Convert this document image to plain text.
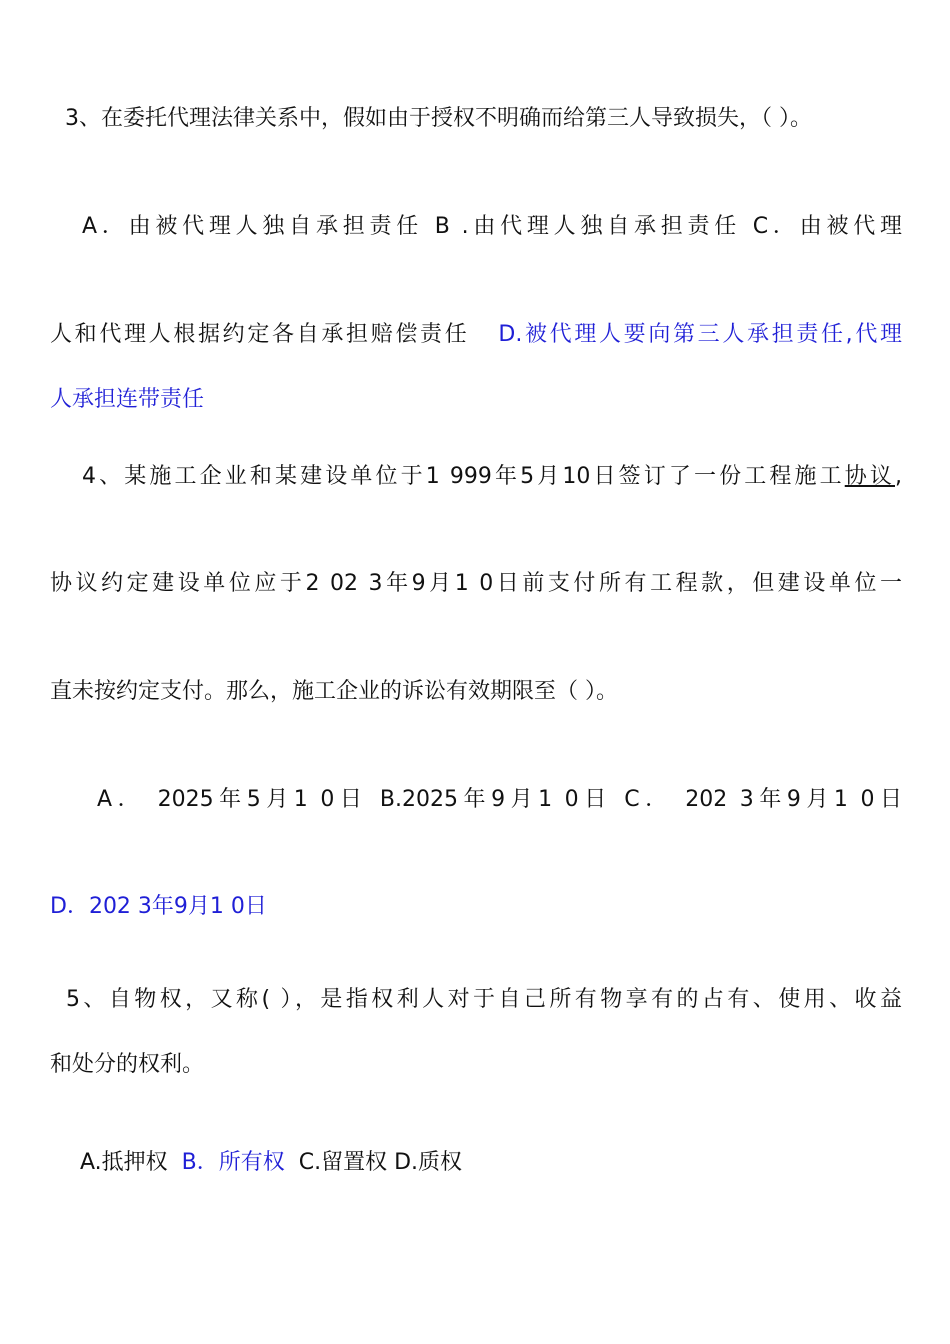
3、在委托代理法律关系中，假如由于授权不明确而给第三人导致损失，（ ）。
A．由被代理人独自承担责任 ﻿B .由代理人独自承担责任﻿ C．由被代理
人和代理人根据约定各自承担赔偿责任﻿   D.被代理人要向第三人承担责任,代理
人承担连带责任
4、某施工企业和某建设单位于1 999年5月10日签订了一份工程施工协议,
协议约定建设单位应于2 02 3年9月1 0日前支付所有工程款，但建设单位一
直未按约定支付。那么，施工企业的诉讼有效期限至（ ）。
A． 2025年5月1 0日 B.2025年9月1 0日 C． 202 3年9月1 0日
D．202 3年9月1 0日
5、自物权，又称( ），是指权利人对于自己所有物享有的占有、使用、收益
和处分的权利。
A.抵押权 B．所有权 C.留置权 D.质权
